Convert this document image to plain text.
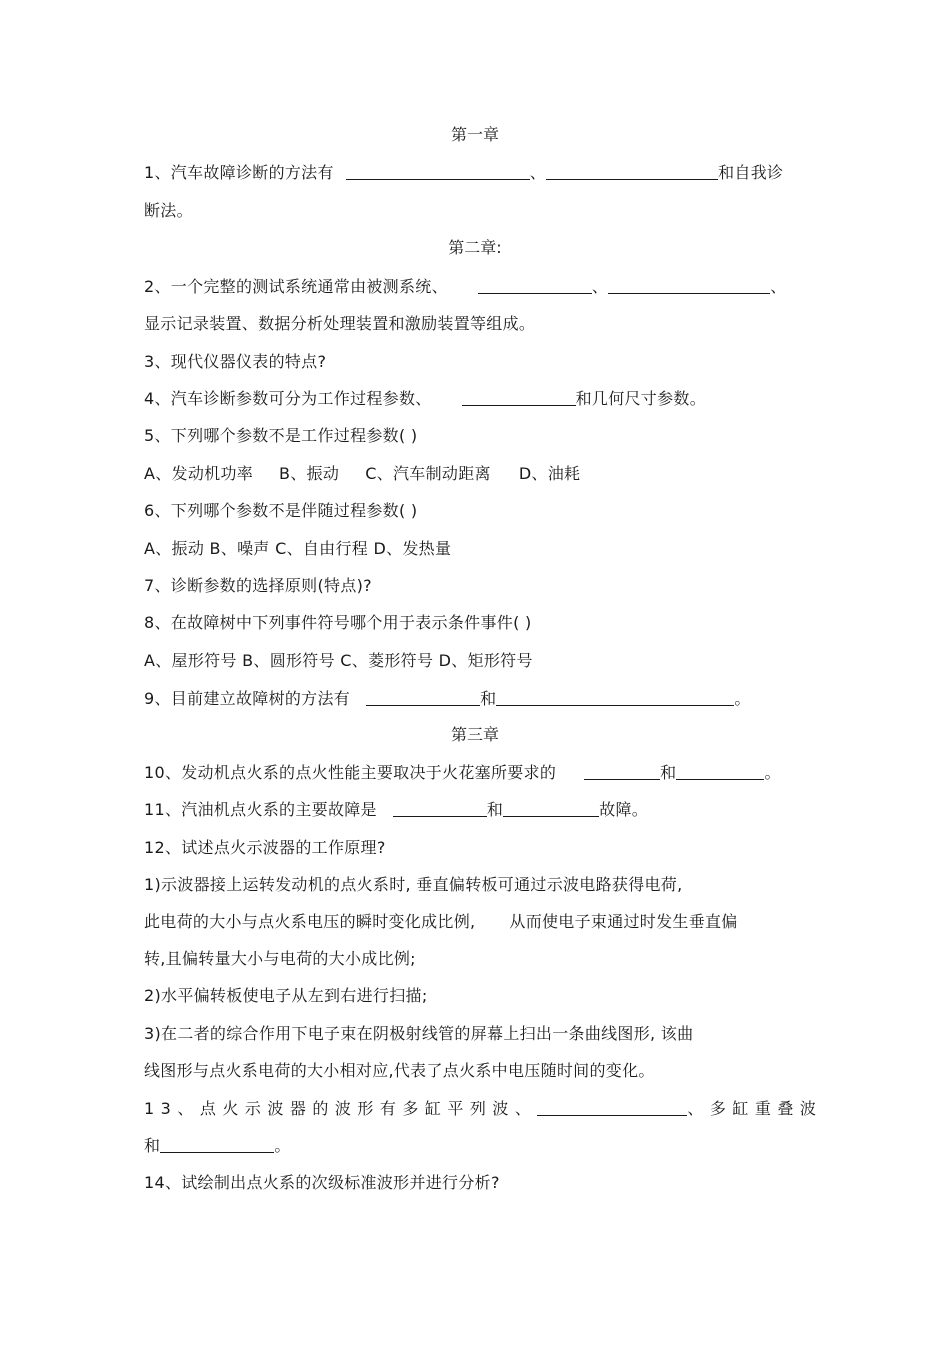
第一章
1、汽车故障诊断的方法有	、	和自我诊
断法。
第二章:
2、一个完整的测试系统通常由被测系统、	、	、
显示记录装置、数据分析处理装置和激励装置等组成。
3、现代仪器仪表的特点?
4、汽车诊断参数可分为工作过程参数、	和几何尺寸参数。
5、下列哪个参数不是工作过程参数( )
A、发动机功率 B、振动 C、汽车制动距离 D、油耗
6、下列哪个参数不是伴随过程参数( )
A、振动 B、噪声 C、自由行程 D、发热量
7、诊断参数的选择原则(特点)?
8、在故障树中下列事件符号哪个用于表示条件事件( )
A、屋形符号 B、圆形符号 C、菱形符号 D、矩形符号
9、目前建立故障树的方法有	和	。
第三章
10、发动机点火系的点火性能主要取决于火花塞所要求的	和	。
11、汽油机点火系的主要故障是	和	故障。
12、试述点火示波器的工作原理?
1)示波器接上运转发动机的点火系时, 垂直偏转板可通过示波电路获得电荷,
此电荷的大小与点火系电压的瞬时变化成比例, 从而使电子束通过时发生垂直偏
转,且偏转量大小与电荷的大小成比例;
2)水平偏转板使电子从左到右进行扫描;
3)在二者的综合作用下电子束在阴极射线管的屏幕上扫出一条曲线图形, 该曲
线图形与点火系电荷的大小相对应,代表了点火系中电压随时间的变化。
13、点火示波器的波形有多缸平列波、	、多缸重叠波
和	。
14、试绘制出点火系的次级标准波形并进行分析?
